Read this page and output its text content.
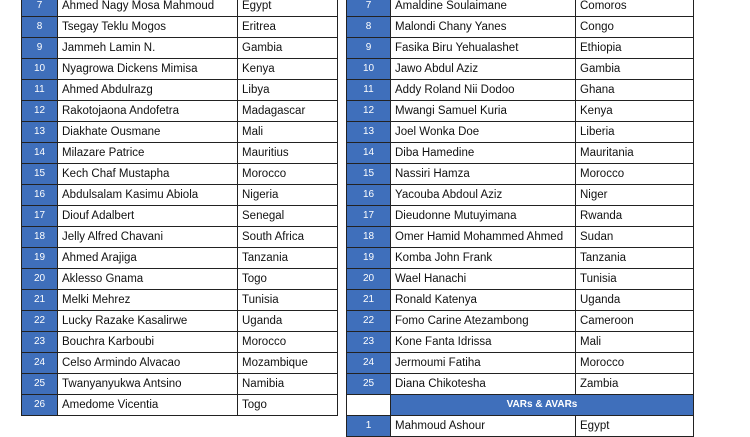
7	Ahmed Nagy Mosa Mahmoud	Egypt
8	Tsegay Teklu Mogos	Eritrea
9	Jammeh Lamin N.	Gambia
10	Nyagrowa Dickens Mimisa	Kenya
11	Ahmed Abdulrazg	Libya
12	Rakotojaona Andofetra	Madagascar
13	Diakhate Ousmane	Mali
14	Milazare Patrice	Mauritius
15	Kech Chaf Mustapha	Morocco
16	Abdulsalam Kasimu Abiola	Nigeria
17	Diouf Adalbert	Senegal
18	Jelly Alfred Chavani	South Africa
19	Ahmed Arajiga	Tanzania
20	Aklesso Gnama	Togo
21	Melki Mehrez	Tunisia
22	Lucky Razake Kasalirwe	Uganda
23	Bouchra Karboubi	Morocco
24	Celso Armindo Alvacao	Mozambique
25	Twanyanyukwa Antsino	Namibia
26	Amedome Vicentia	Togo
7	Amaldine Soulaimane	Comoros
8	Malondi Chany Yanes	Congo
9	Fasika Biru Yehualashet	Ethiopia
10	Jawo Abdul Aziz	Gambia
11	Addy Roland Nii Dodoo	Ghana
12	Mwangi Samuel Kuria	Kenya
13	Joel Wonka Doe	Liberia
14	Diba Hamedine	Mauritania
15	Nassiri Hamza	Morocco
16	Yacouba Abdoul Aziz	Niger
17	Dieudonne Mutuyimana	Rwanda
18	Omer Hamid Mohammed Ahmed	Sudan
19	Komba John Frank	Tanzania
20	Wael Hanachi	Tunisia
21	Ronald Katenya	Uganda
22	Fomo Carine Atezambong	Cameroon
23	Kone Fanta Idrissa	Mali
24	Jermoumi Fatiha	Morocco
25	Diana Chikotesha	Zambia
	VARs & AVARs	
1	Mahmoud Ashour	Egypt
